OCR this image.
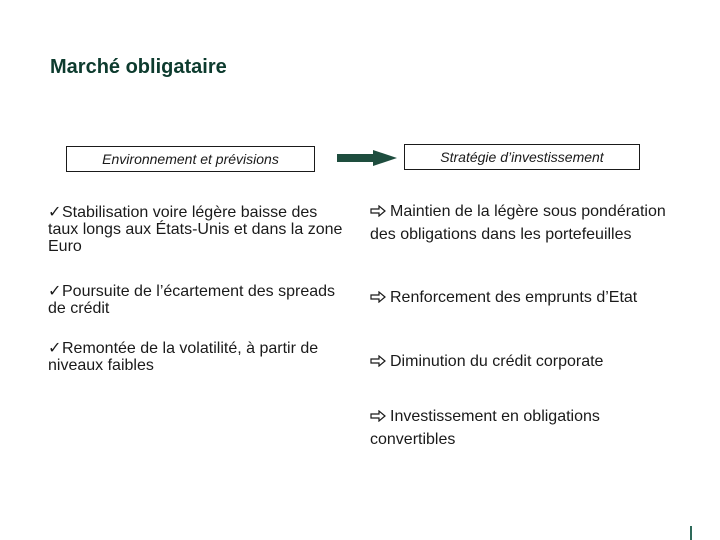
Marché obligataire
Environnement et prévisions	Stratégie d’investissement
✓Stabilisation voire légère baisse des taux longs aux États-Unis et dans la zone Euro
✓Poursuite de l’écartement des spreads de crédit
✓Remontée de la volatilité, à partir de niveaux faibles
Maintien de la légère sous pondération des obligations dans les portefeuilles
Renforcement des emprunts d’Etat
Diminution du crédit corporate
Investissement en obligations convertibles
